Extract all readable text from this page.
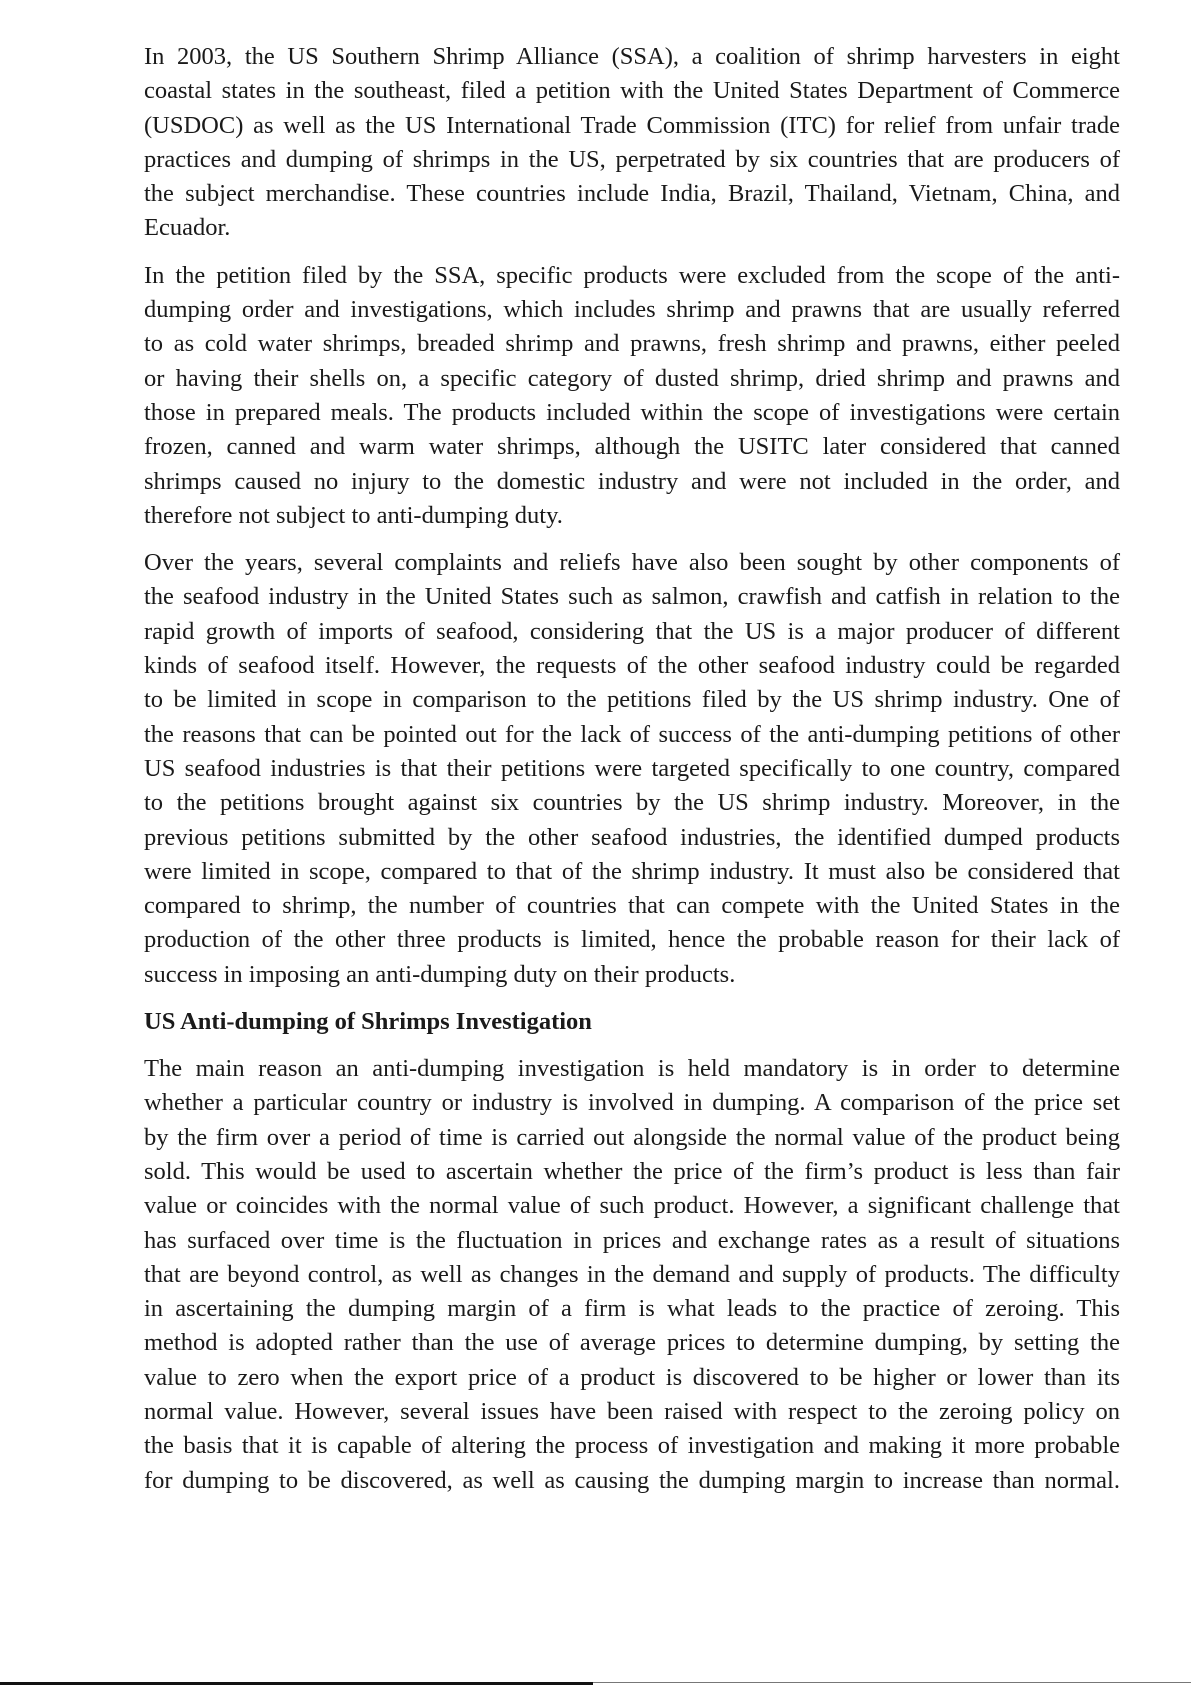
In 2003, the US Southern Shrimp Alliance (SSA), a coalition of shrimp harvesters in eight
coastal states in the southeast, filed a petition with the United States Department of Commerce
(USDOC) as well as the US International Trade Commission (ITC) for relief from unfair trade
practices and dumping of shrimps in the US, perpetrated by six countries that are producers of
the subject merchandise. These countries include India, Brazil, Thailand, Vietnam, China, and
Ecuador.
In the petition filed by the SSA, specific products were excluded from the scope of the anti-
dumping order and investigations, which includes shrimp and prawns that are usually referred
to as cold water shrimps, breaded shrimp and prawns, fresh shrimp and prawns, either peeled
or having their shells on, a specific category of dusted shrimp, dried shrimp and prawns and
those in prepared meals. The products included within the scope of investigations were certain
frozen, canned and warm water shrimps, although the USITC later considered that canned
shrimps caused no injury to the domestic industry and were not included in the order, and
therefore not subject to anti-dumping duty.
Over the years, several complaints and reliefs have also been sought by other components of
the seafood industry in the United States such as salmon, crawfish and catfish in relation to the
rapid growth of imports of seafood, considering that the US is a major producer of different
kinds of seafood itself. However, the requests of the other seafood industry could be regarded
to be limited in scope in comparison to the petitions filed by the US shrimp industry. One of
the reasons that can be pointed out for the lack of success of the anti-dumping petitions of other
US seafood industries is that their petitions were targeted specifically to one country, compared
to the petitions brought against six countries by the US shrimp industry. Moreover, in the
previous petitions submitted by the other seafood industries, the identified dumped products
were limited in scope, compared to that of the shrimp industry. It must also be considered that
compared to shrimp, the number of countries that can compete with the United States in the
production of the other three products is limited, hence the probable reason for their lack of
success in imposing an anti-dumping duty on their products.
US Anti-dumping of Shrimps Investigation
The main reason an anti-dumping investigation is held mandatory is in order to determine
whether a particular country or industry is involved in dumping. A comparison of the price set
by the firm over a period of time is carried out alongside the normal value of the product being
sold. This would be used to ascertain whether the price of the firm’s product is less than fair
value or coincides with the normal value of such product. However, a significant challenge that
has surfaced over time is the fluctuation in prices and exchange rates as a result of situations
that are beyond control, as well as changes in the demand and supply of products. The difficulty
in ascertaining the dumping margin of a firm is what leads to the practice of zeroing. This
method is adopted rather than the use of average prices to determine dumping, by setting the
value to zero when the export price of a product is discovered to be higher or lower than its
normal value. However, several issues have been raised with respect to the zeroing policy on
the basis that it is capable of altering the process of investigation and making it more probable
for dumping to be discovered, as well as causing the dumping margin to increase than normal.
